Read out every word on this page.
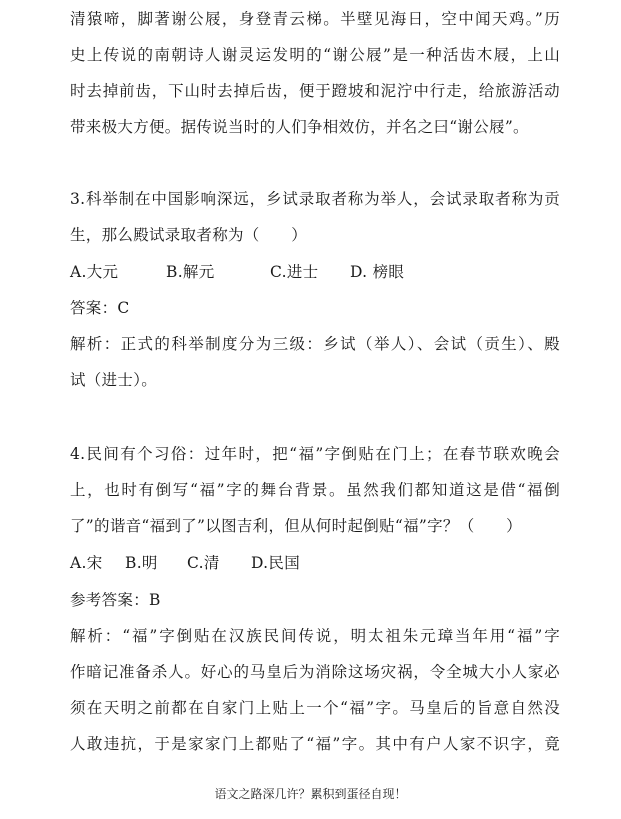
清猿啼，脚著谢公屐，身登青云梯。半壁见海日，空中闻天鸡。”历
史上传说的南朝诗人谢灵运发明的“谢公屐”是一种活齿木屐，上山
时去掉前齿，下山时去掉后齿，便于蹬坡和泥泞中行走，给旅游活动
带来极大方便。据传说当时的人们争相效仿，并名之曰“谢公屐”。
3.科举制在中国影响深远，乡试录取者称为举人，会试录取者称为贡
生，那么殿试录取者称为（　　）
A.大元	B.解元	C.进士	D. 榜眼
答案：C
解析：正式的科举制度分为三级：乡试（举人）、会试（贡生）、殿
试（进士）。
4.民间有个习俗：过年时，把“福”字倒贴在门上；在春节联欢晚会
上，也时有倒写“福”字的舞台背景。虽然我们都知道这是借“福倒
了”的谐音“福到了”以图吉利，但从何时起倒贴“福”字？（　　）
A.宋	B.明	C.清	D.民国
参考答案：B
解析：“福”字倒贴在汉族民间传说，明太祖朱元璋当年用“福”字
作暗记准备杀人。好心的马皇后为消除这场灾祸，令全城大小人家必
须在天明之前都在自家门上贴上一个“福”字。马皇后的旨意自然没
人敢违抗，于是家家门上都贴了“福”字。其中有户人家不识字，竟
语文之路深几许？累积到蛋径自现！
